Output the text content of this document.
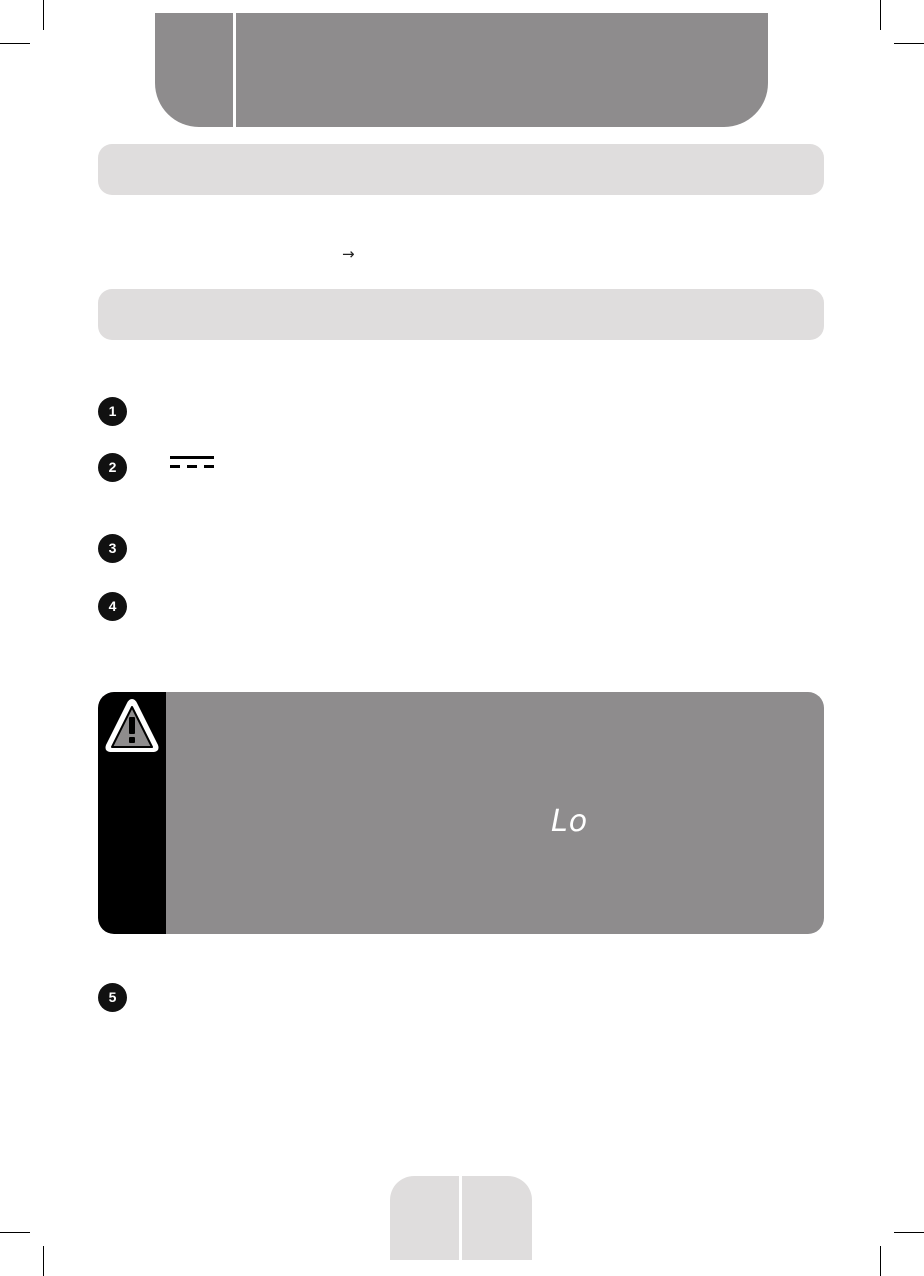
→
1
2
3
4
Lo
5
